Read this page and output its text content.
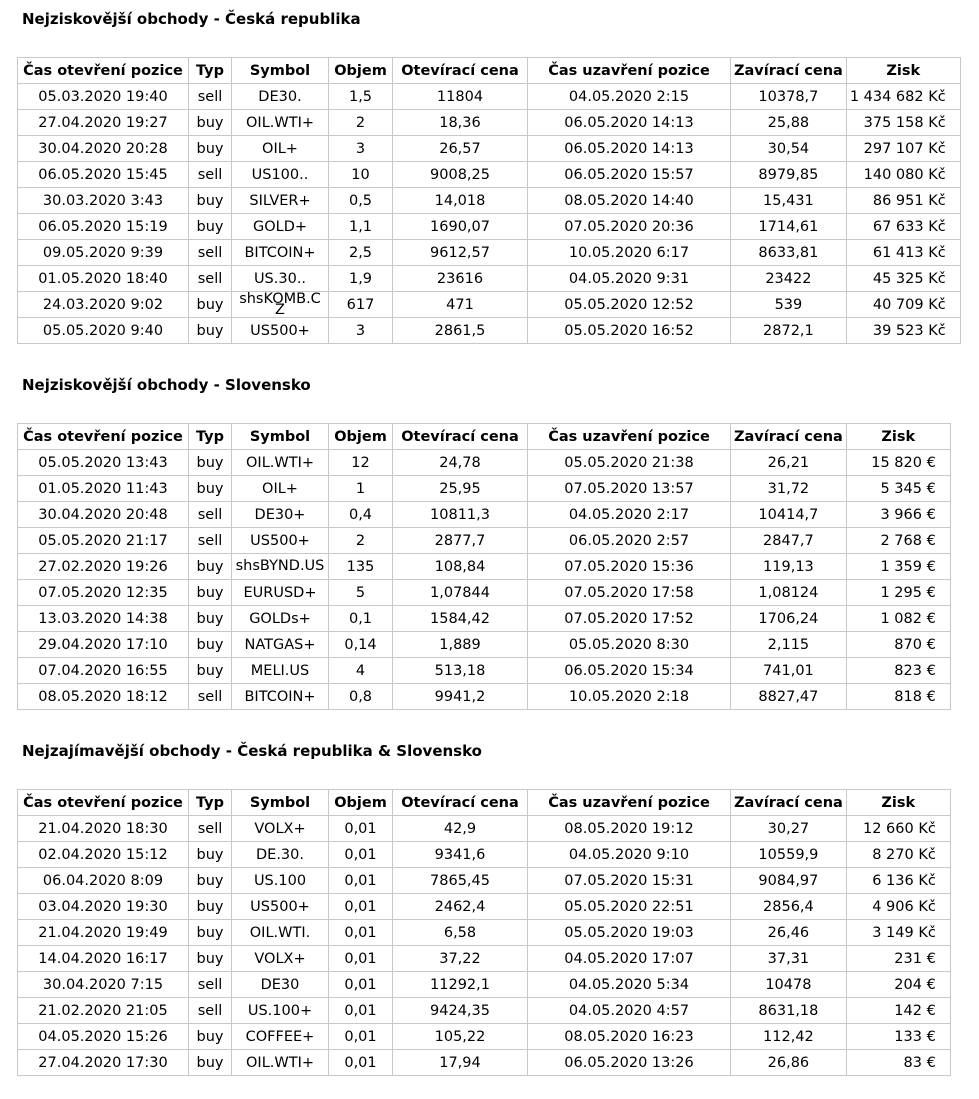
Nejziskovější obchody - Česká republika
Čas otevření pozice	Typ	Symbol	Objem	Otevírací cena	Čas uzavření pozice	Zavírací cena	Zisk
05.03.2020 19:40	sell	DE30.	1,5	11804	04.05.2020 2:15	10378,7	1 434 682 Kč
27.04.2020 19:27	buy	OIL.WTI+	2	18,36	06.05.2020 14:13	25,88	375 158 Kč
30.04.2020 20:28	buy	OIL+	3	26,57	06.05.2020 14:13	30,54	297 107 Kč
06.05.2020 15:45	sell	US100..	10	9008,25	06.05.2020 15:57	8979,85	140 080 Kč
30.03.2020 3:43	buy	SILVER+	0,5	14,018	08.05.2020 14:40	15,431	86 951 Kč
06.05.2020 15:19	buy	GOLD+	1,1	1690,07	07.05.2020 20:36	1714,61	67 633 Kč
09.05.2020 9:39	sell	BITCOIN+	2,5	9612,57	10.05.2020 6:17	8633,81	61 413 Kč
01.05.2020 18:40	sell	US.30..	1,9	23616	04.05.2020 9:31	23422	45 325 Kč
24.03.2020 9:02	buy	shsKOMB.CZ	617	471	05.05.2020 12:52	539	40 709 Kč
05.05.2020 9:40	buy	US500+	3	2861,5	05.05.2020 16:52	2872,1	39 523 Kč
Nejziskovější obchody - Slovensko
Čas otevření pozice	Typ	Symbol	Objem	Otevírací cena	Čas uzavření pozice	Zavírací cena	Zisk
05.05.2020 13:43	buy	OIL.WTI+	12	24,78	05.05.2020 21:38	26,21	15 820 €
01.05.2020 11:43	buy	OIL+	1	25,95	07.05.2020 13:57	31,72	5 345 €
30.04.2020 20:48	sell	DE30+	0,4	10811,3	04.05.2020 2:17	10414,7	3 966 €
05.05.2020 21:17	sell	US500+	2	2877,7	06.05.2020 2:57	2847,7	2 768 €
27.02.2020 19:26	buy	shsBYND.US	135	108,84	07.05.2020 15:36	119,13	1 359 €
07.05.2020 12:35	buy	EURUSD+	5	1,07844	07.05.2020 17:58	1,08124	1 295 €
13.03.2020 14:38	buy	GOLDs+	0,1	1584,42	07.05.2020 17:52	1706,24	1 082 €
29.04.2020 17:10	buy	NATGAS+	0,14	1,889	05.05.2020 8:30	2,115	870 €
07.04.2020 16:55	buy	MELI.US	4	513,18	06.05.2020 15:34	741,01	823 €
08.05.2020 18:12	sell	BITCOIN+	0,8	9941,2	10.05.2020 2:18	8827,47	818 €
Nejzajímavější obchody - Česká republika & Slovensko
Čas otevření pozice	Typ	Symbol	Objem	Otevírací cena	Čas uzavření pozice	Zavírací cena	Zisk
21.04.2020 18:30	sell	VOLX+	0,01	42,9	08.05.2020 19:12	30,27	12 660 Kč
02.04.2020 15:12	buy	DE.30.	0,01	9341,6	04.05.2020 9:10	10559,9	8 270 Kč
06.04.2020 8:09	buy	US.100	0,01	7865,45	07.05.2020 15:31	9084,97	6 136 Kč
03.04.2020 19:30	buy	US500+	0,01	2462,4	05.05.2020 22:51	2856,4	4 906 Kč
21.04.2020 19:49	buy	OIL.WTI.	0,01	6,58	05.05.2020 19:03	26,46	3 149 Kč
14.04.2020 16:17	buy	VOLX+	0,01	37,22	04.05.2020 17:07	37,31	231 €
30.04.2020 7:15	sell	DE30	0,01	11292,1	04.05.2020 5:34	10478	204 €
21.02.2020 21:05	sell	US.100+	0,01	9424,35	04.05.2020 4:57	8631,18	142 €
04.05.2020 15:26	buy	COFFEE+	0,01	105,22	08.05.2020 16:23	112,42	133 €
27.04.2020 17:30	buy	OIL.WTI+	0,01	17,94	06.05.2020 13:26	26,86	83 €
